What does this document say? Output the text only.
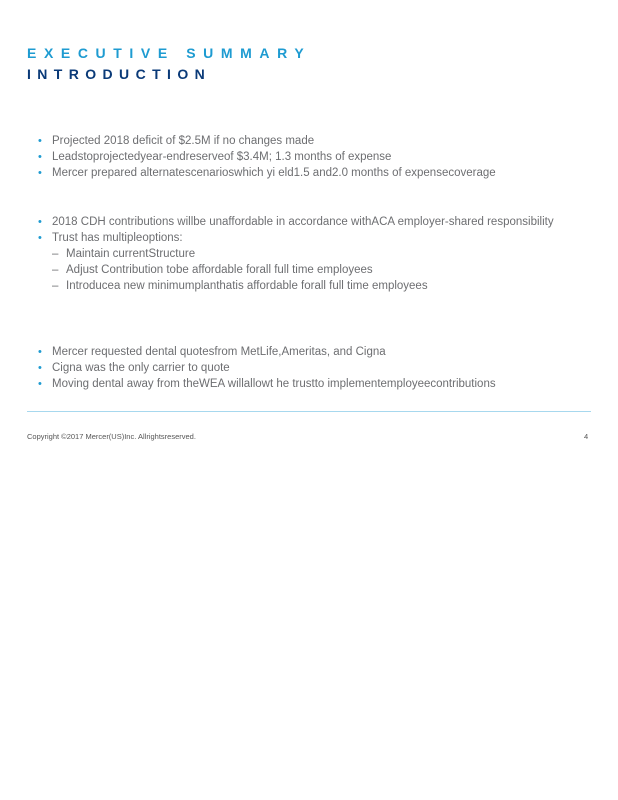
EXECUTIVE SUMMARY
INTRODUCTION
• Projected 2018 deficit of $2.5M if no changes made
• Leadstoprojectedyear-endreserveof $3.4M; 1.3 months of expense
• Mercer prepared alternatescenarioswhich yi eld1.5 and2.0 months of expensecoverage
• 2018 CDH contributions willbe unaffordable in accordance withACA employer-shared responsibility
• Trust has multipleoptions:
– Maintain currentStructure
– Adjust Contribution tobe affordable forall full time employees
– Introducea new minimumplanthatis affordable forall full time employees
• Mercer requested dental quotesfrom MetLife,Ameritas, and Cigna
• Cigna was the only carrier to quote
• Moving dental away from theWEA willallowt he trustto implementemployeecontributions
Copyright ©2017 Mercer(US)Inc. Allrightsreserved.	4
